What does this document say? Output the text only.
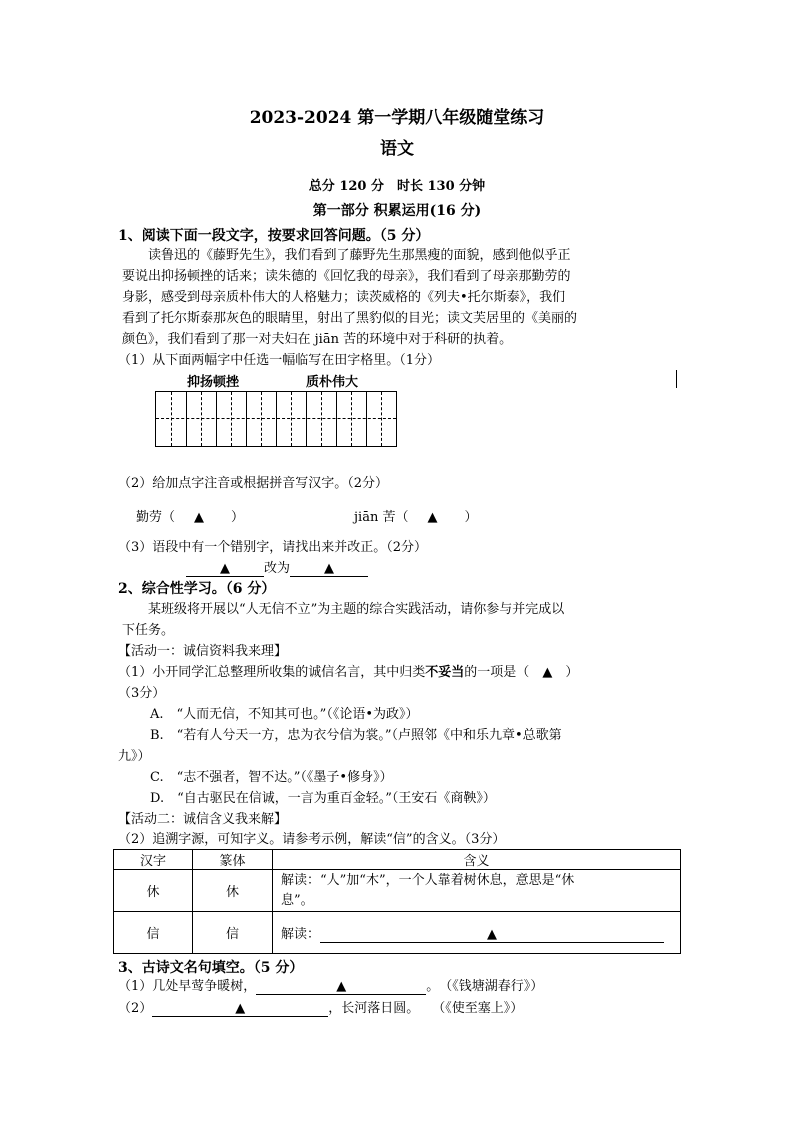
2023-2024 第一学期八年级随堂练习
语文
总分 120 分　时长 130 分钟
第一部分 积累运用(16 分)
1、阅读下面一段文字，按要求回答问题。（5 分）
读鲁迅的《藤野先生》，我们看到了藤野先生那黑瘦的面貌，感到他似乎正
要说出抑扬顿挫的话来；读朱德的《回忆我的母亲》，我们看到了母亲那勤劳的
身影，感受到母亲质朴伟大的人格魅力；读茨威格的《列夫•托尔斯泰》，我们
看到了托尔斯泰那灰色的眼睛里，射出了黑豹似的目光；读文芙居里的《美丽的
颜色》，我们看到了那一对夫妇在 jiān 苦的环境中对于科研的执着。
（1）从下面两幅字中任选一幅临写在田字格里。（1分）
抑扬顿挫	质朴伟大
（2）给加点字注音或根据拼音写汉字。（2分）
勤劳（ ▲ ）	jiān 苦（ ▲ ）
（3）语段中有一个错别字，请找出来并改正。（2分）
▲	改为	▲
2、综合性学习。（6 分）
某班级将开展以“人无信不立”为主题的综合实践活动，请你参与并完成以
下任务。
【活动一：诚信资料我来理】
（1）小开同学汇总整理所收集的诚信名言，其中归类不妥当的一项是（ ▲ ）
（3分）
A.　“人而无信，不知其可也。”（《论语•为政》）
B.　“若有人兮天一方，忠为衣兮信为裳。”（卢照邻《中和乐九章•总歌第
九》）
C.　“志不强者，智不达。”（《墨子•修身》）
D.　“自古驱民在信诚，一言为重百金轻。”（王安石《商鞅》）
【活动二：诚信含义我来解】
（2）追溯字源，可知字义。请参考示例，解读“信”的含义。（3分）
汉字	篆体	含义
休	休	解读：“人”加“木”，一个人靠着树休息，意思是“休
息”。

信	信	解读： ▲
3、古诗文名句填空。（5 分）
（1）几处早莺争暖树，	▲	。　（《钱塘湖春行》）
（2）	▲	，长河落日圆。　　（《使至塞上》）
